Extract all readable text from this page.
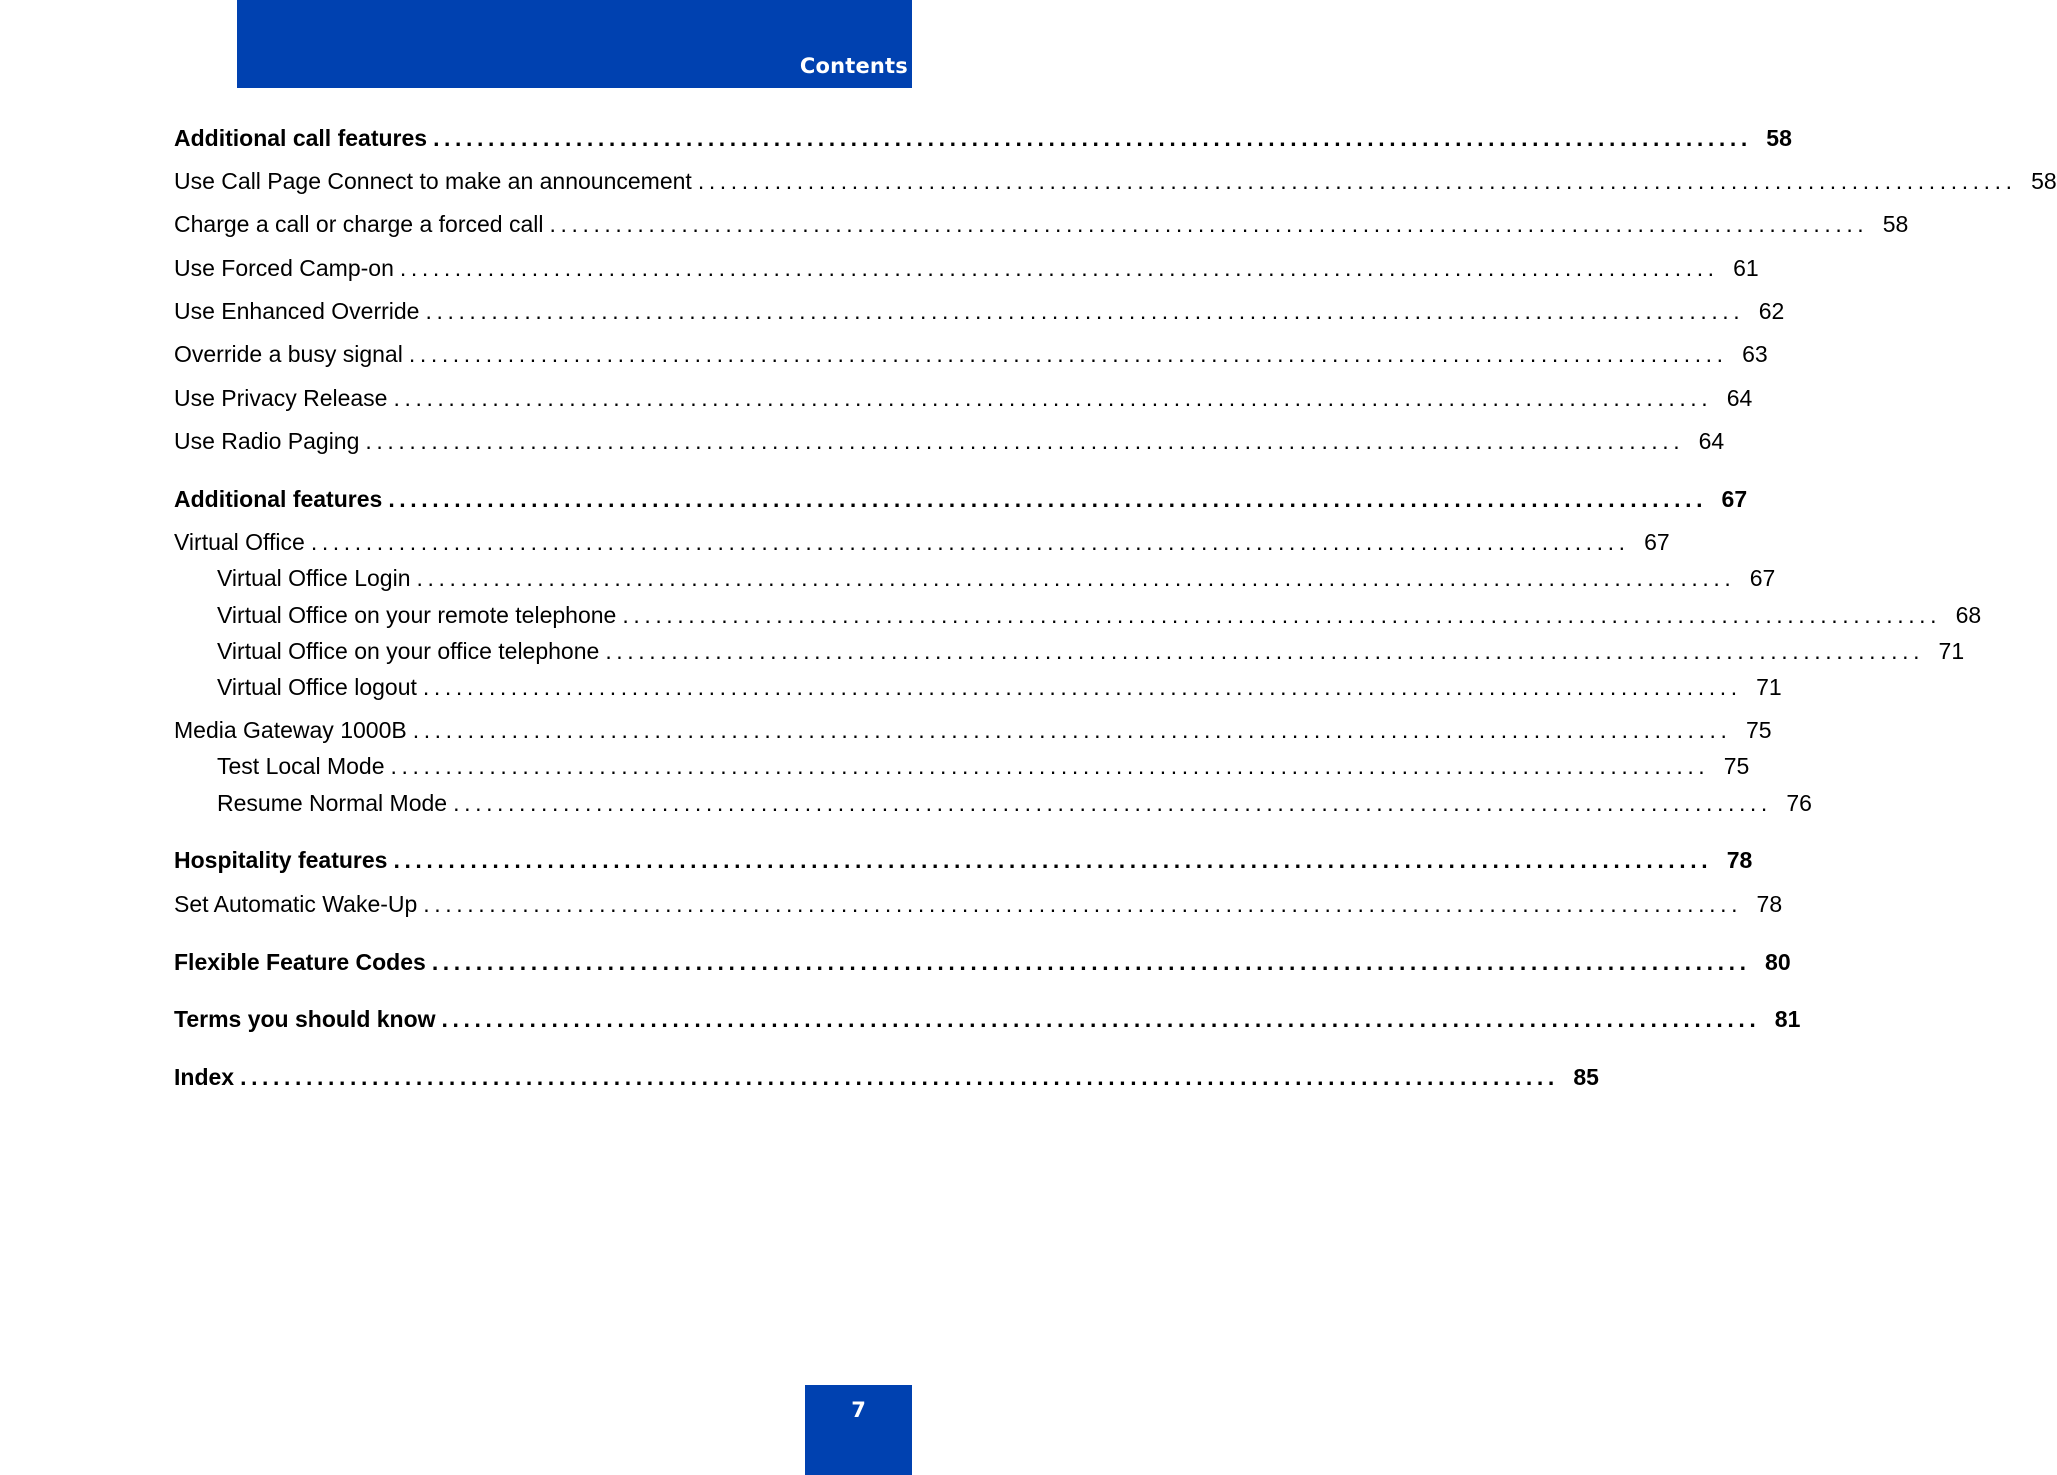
Contents
Additional call features ........................................................................................................................ 58
Use Call Page Connect to make an announcement ........................................................................................................................ 58
Charge a call or charge a forced call ........................................................................................................................ 58
Use Forced Camp-on ........................................................................................................................ 61
Use Enhanced Override ........................................................................................................................ 62
Override a busy signal ........................................................................................................................ 63
Use Privacy Release ........................................................................................................................ 64
Use Radio Paging ........................................................................................................................ 64
Additional features ........................................................................................................................ 67
Virtual Office ........................................................................................................................ 67
Virtual Office Login ........................................................................................................................ 67
Virtual Office on your remote telephone ........................................................................................................................ 68
Virtual Office on your office telephone ........................................................................................................................ 71
Virtual Office logout ........................................................................................................................ 71
Media Gateway 1000B ........................................................................................................................ 75
Test Local Mode ........................................................................................................................ 75
Resume Normal Mode ........................................................................................................................ 76
Hospitality features ........................................................................................................................ 78
Set Automatic Wake-Up ........................................................................................................................ 78
Flexible Feature Codes ........................................................................................................................ 80
Terms you should know ........................................................................................................................ 81
Index ........................................................................................................................ 85
7
